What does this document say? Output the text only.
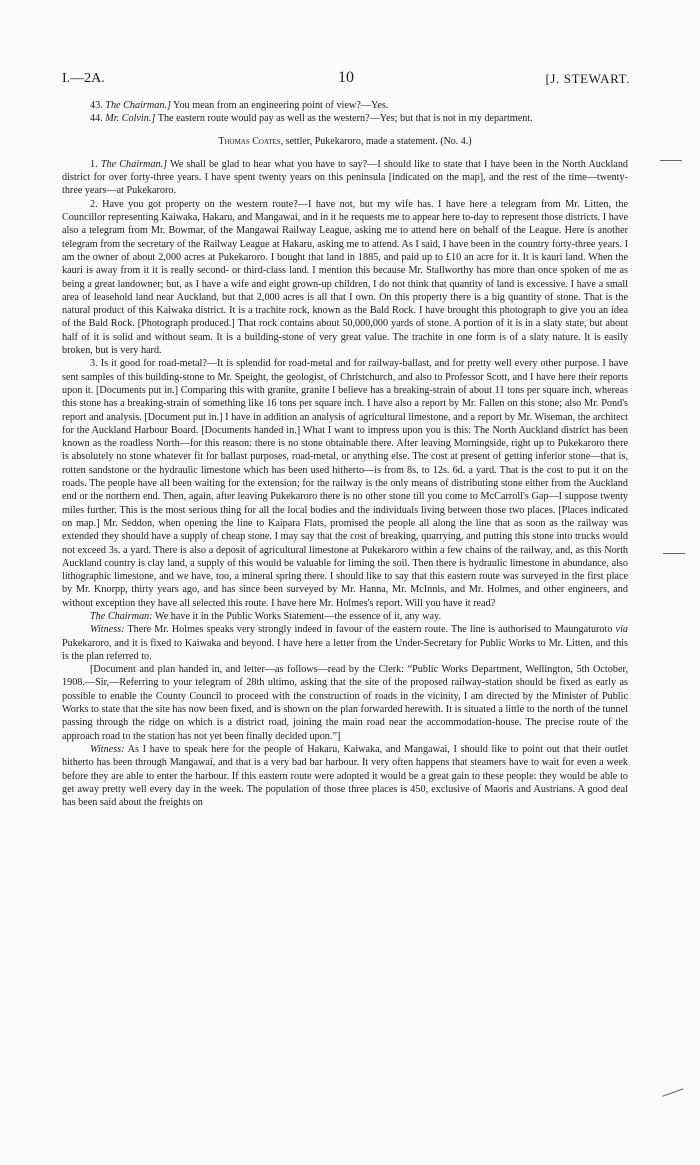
I.—2A.	10	[J. STEWART.

43. The Chairman.] You mean from an engineering point of view?—Yes.

44. Mr. Colvin.] The eastern route would pay as well as the western?—Yes; but that is not in my department.

Thomas Coates, settler, Pukekaroro, made a statement. (No. 4.)

1. The Chairman.] We shall be glad to hear what you have to say?—I should like to state that I have been in the North Auckland district for over forty-three years. I have spent twenty years on this peninsula [indicated on the map], and the rest of the time—twenty-three years—at Pukekaroro.

2. Have you got property on the western route?—I have not, but my wife has. I have here a telegram from Mr. Litten, the Councillor representing Kaiwaka, Hakaru, and Mangawai, and in it he requests me to appear here to-day to represent those districts. I have also a telegram from Mr. Bowmar, of the Mangawai Railway League, asking me to attend here on behalf of the League. Here is another telegram from the secretary of the Railway League at Hakaru, asking me to attend. As I said, I have been in the country forty-three years. I am the owner of about 2,000 acres at Pukekaroro. I bought that land in 1885, and paid up to £10 an acre for it. It is kauri land. When the kauri is away from it it is really second- or third-class land. I mention this because Mr. Stallworthy has more than once spoken of me as being a great landowner; but, as I have a wife and eight grown-up children, I do not think that quantity of land is excessive. I have a small area of leasehold land near Auckland, but that 2,000 acres is all that I own. On this property there is a big quantity of stone. That is the natural product of this Kaiwaka district. It is a trachite rock, known as the Bald Rock. I have brought this photograph to give you an idea of the Bald Rock. [Photograph produced.] That rock contains about 50,000,000 yards of stone. A portion of it is in a slaty state, but about half of it is solid and without seam. It is a building-stone of very great value. The trachite in one form is of a slaty nature. It is easily broken, but is very hard.

3. Is it good for road-metal?—It is splendid for road-metal and for railway-ballast, and for pretty well every other purpose. I have sent samples of this building-stone to Mr. Speight, the geologist, of Christchurch, and also to Professor Scott, and I have here their reports upon it. [Documents put in.] Comparing this with granite, granite I believe has a breaking-strain of about 11 tons per square inch, whereas this stone has a breaking-strain of something like 16 tons per square inch. I have also a report by Mr. Fallen on this stone; also Mr. Pond's report and analysis. [Document put in.] I have in addition an analysis of agricultural limestone, and a report by Mr. Wiseman, the architect for the Auckland Harbour Board. [Documents handed in.] What I want to impress upon you is this: The North Auckland district has been known as the roadless North—for this reason: there is no stone obtainable there. After leaving Morningside, right up to Pukekaroro there is absolutely no stone whatever fit for ballast purposes, road-metal, or anything else. The cost at present of getting inferior stone—that is, rotten sandstone or the hydraulic limestone which has been used hitherto—is from 8s. to 12s. 6d. a yard. That is the cost to put it on the roads. The people have all been waiting for the extension; for the railway is the only means of distributing stone either from the Auckland end or the northern end. Then, again, after leaving Pukekaroro there is no other stone till you come to McCarroll's Gap—I suppose twenty miles further. This is the most serious thing for all the local bodies and the individuals living between those two places. [Places indicated on map.] Mr. Seddon, when opening the line to Kaipara Flats, promised the people all along the line that as soon as the railway was extended they should have a supply of cheap stone. I may say that the cost of breaking, quarrying, and putting this stone into trucks would not exceed 3s. a yard. There is also a deposit of agricultural limestone at Pukekaroro within a few chains of the railway, and, as this North Auckland country is clay land, a supply of this would be valuable for liming the soil. Then there is hydraulic limestone in abundance, also lithographic limestone, and we have, too, a mineral spring there. I should like to say that this eastern route was surveyed in the first place by Mr. Knorpp, thirty years ago, and has since been surveyed by Mr. Hanna, Mr. McInnis, and Mr. Holmes, and other engineers, and without exception they have all selected this route. I have here Mr. Holmes's report. Will you have it read?

The Chairman: We have it in the Public Works Statement—the essence of it, any way.

Witness: There Mr. Holmes speaks very strongly indeed in favour of the eastern route. The line is authorised to Maungaturoto via Pukekaroro, and it is fixed to Kaiwaka and beyond. I have here a letter from the Under-Secretary for Public Works to Mr. Litten, and this is the plan referred to.

[Document and plan handed in, and letter—as follows—read by the Clerk: “Public Works Department, Wellington, 5th October, 1908.—Sir,—Referring to your telegram of 28th ultimo, asking that the site of the proposed railway-station should be fixed as early as possible to enable the County Council to proceed with the construction of roads in the vicinity, I am directed by the Minister of Public Works to state that the site has now been fixed, and is shown on the plan forwarded herewith. It is situated a little to the north of the tunnel passing through the ridge on which is a district road, joining the main road near the accommodation-house. The precise route of the approach road to the station has not yet been finally decided upon.”]

Witness: As I have to speak here for the people of Hakaru, Kaiwaka, and Mangawai, I should like to point out that their outlet hitherto has been through Mangawai, and that is a very bad bar harbour. It very often happens that steamers have to wait for even a week before they are able to enter the harbour. If this eastern route were adopted it would be a great gain to these people: they would be able to get away pretty well every day in the week. The population of those three places is 450, exclusive of Maoris and Austrians. A good deal has been said about the freights on
